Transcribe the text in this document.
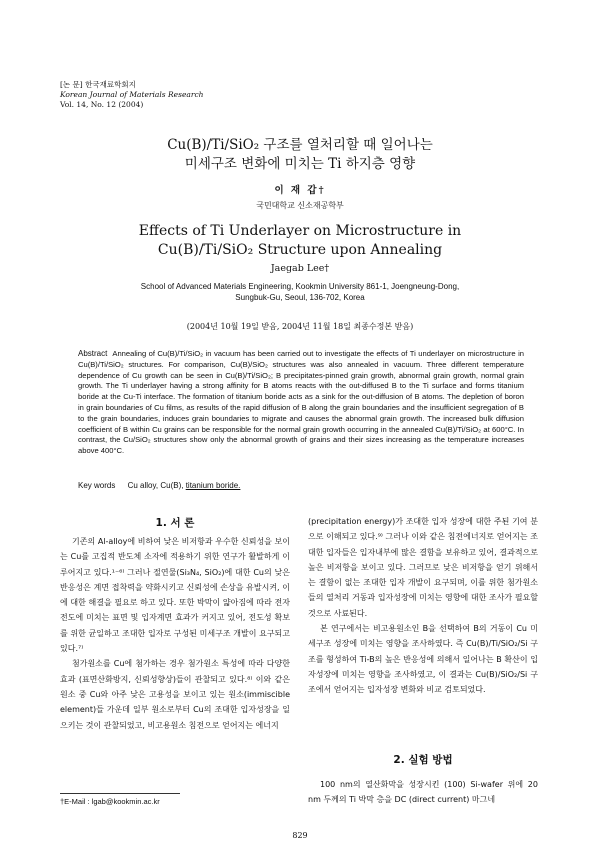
[논 문] 한국재료학회지
Korean Journal of Materials Research
Vol. 14, No. 12 (2004)
Cu(B)/Ti/SiO₂ 구조를 열처리할 때 일어나는
미세구조 변화에 미치는 Ti 하지층 영향
이 재 갑†
국민대학교 신소재공학부
Effects of Ti Underlayer on Microstructure in
Cu(B)/Ti/SiO₂ Structure upon Annealing
Jaegab Lee†
School of Advanced Materials Engineering, Kookmin University 861-1, Joengneung-Dong,
Sungbuk-Gu, Seoul, 136-702, Korea
(2004년 10월 19일 받음, 2004년 11월 18일 최종수정본 받음)
Abstract Annealing of Cu(B)/Ti/SiO₂ in vacuum has been carried out to investigate the effects of Ti underlayer on microstructure in Cu(B)/Ti/SiO₂ structures. For comparison, Cu(B)/SiO₂ structures was also annealed in vacuum. Three different temperature dependence of Cu growth can be seen in Cu(B)/Ti/SiO₂; B precipitates-pinned grain growth, abnormal grain growth, normal grain growth. The Ti underlayer having a strong affinity for B atoms reacts with the out-diffused B to the Ti surface and forms titanium boride at the Cu-Ti interface. The formation of titanium boride acts as a sink for the out-diffusion of B atoms. The depletion of boron in grain boundaries of Cu films, as results of the rapid diffusion of B along the grain boundaries and the insufficient segregation of B to the grain boundaries, induces grain boundaries to migrate and causes the abnormal grain growth. The increased bulk diffusion coefficient of B within Cu grains can be responsible for the normal grain growth occurring in the annealed Cu(B)/Ti/SiO₂ at 600°C. In contrast, the Cu/SiO₂ structures show only the abnormal growth of grains and their sizes increasing as the temperature increases above 400°C.
Key words Cu alloy, Cu(B), titanium boride.
1. 서 론

기존의 Al-alloy에 비하여 낮은 비저항과 우수한 신뢰성을 보이는 Cu를 고집적 반도체 소자에 적용하기 위한 연구가 활발하게 이루어지고 있다.¹⁻⁶⁾ 그러나 절연물(Si₃N₄, SiO₂)에 대한 Cu의 낮은 반응성은 계면 접착력을 약화시키고 신뢰성에 손상을 유발시켜, 이에 대한 해결을 필요로 하고 있다. 또한 박막이 얇아짐에 따라 전자 전도에 미치는 표면 및 입자계면 효과가 커지고 있어, 전도성 확보를 위한 균일하고 조대한 입자로 구성된 미세구조 개발이 요구되고 있다.⁷⁾

첨가원소를 Cu에 첨가하는 경우 첨가원소 특성에 따라 다양한 효과 (표면산화방지, 신뢰성향상)들이 관찰되고 있다.⁸⁾ 이와 같은 원소 중 Cu와 아주 낮은 고용성을 보이고 있는 원소(immiscible element)들 가운데 일부 원소로부터 Cu의 조대한 입자성장을 일으키는 것이 관찰되었고, 비고용원소 침전으로 얻어지는 에너지

(precipitation energy)가 조대한 입자 성장에 대한 주된 기여 분으로 이해되고 있다.⁹⁾ 그러나 이와 같은 침전에너지로 얻어지는 조대한 입자들은 입자내부에 많은 결함을 보유하고 있어, 결과적으로 높은 비저항을 보이고 있다. 그러므로 낮은 비저항을 얻기 위해서는 결함이 없는 조대한 입자 개발이 요구되며, 이를 위한 첨가원소들의 열처리 거동과 입자성장에 미치는 영향에 대한 조사가 필요할 것으로 사료된다.

본 연구에서는 비고용원소인 B을 선택하여 B의 거동이 Cu 미세구조 성장에 미치는 영향을 조사하였다. 즉 Cu(B)/Ti/SiO₂/Si 구조를 형성하여 Ti-B의 높은 반응성에 의해서 일어나는 B 확산이 입자성장에 미치는 영향을 조사하였고, 이 결과는 Cu(B)/SiO₂/Si 구조에서 얻어지는 입자성장 변화와 비교 검토되었다.

2. 실험 방법

100 nm의 열산화막을 성장시킨 (100) Si-wafer 위에 20 nm 두께의 Ti 박막 층을 DC (direct current) 마그네

†E-Mail : lgab@kookmin.ac.kr
829
